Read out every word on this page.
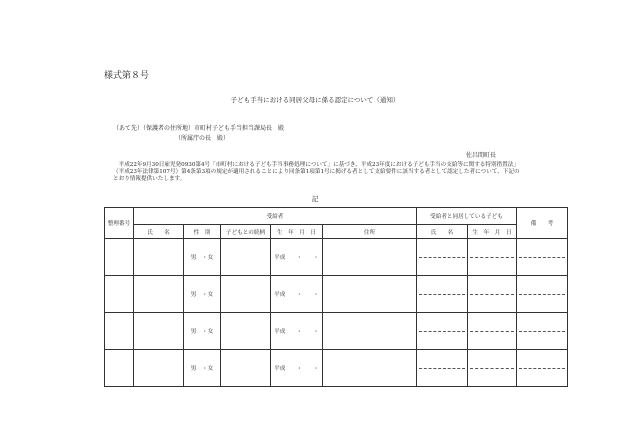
様式第８号
子ども手当における同居父母に係る認定について（通知）
（あて先）（保護者の住所地）市町村子ども手当担当課局長　殿
（所属庁の長　殿）
佐呂間町長
　平成22年9月30日雇児発0930第4号「市町村における子ども手当事務処理について」に基づき、平成23年度における子ども手当の支給等に関する特別措置法」（平成23年法律第107号）第4条第3項の規定が適用されることにより同条第1項第1号に掲げる者として支給要件に該当する者として認定した者について、下記のとおり情報提供いたします。
記
整理番号	受給者					受給者と同居している子ども		備　　考
	氏　　名	性　別	子どもとの続柄	生　年　月　日	住所	氏　　名	生　年　月　日	
		男　・女		平成　　・　　・		

		男　・女		平成　　・　　・		

		男　・女		平成　　・　　・		

		男　・女		平成　　・　　・		
